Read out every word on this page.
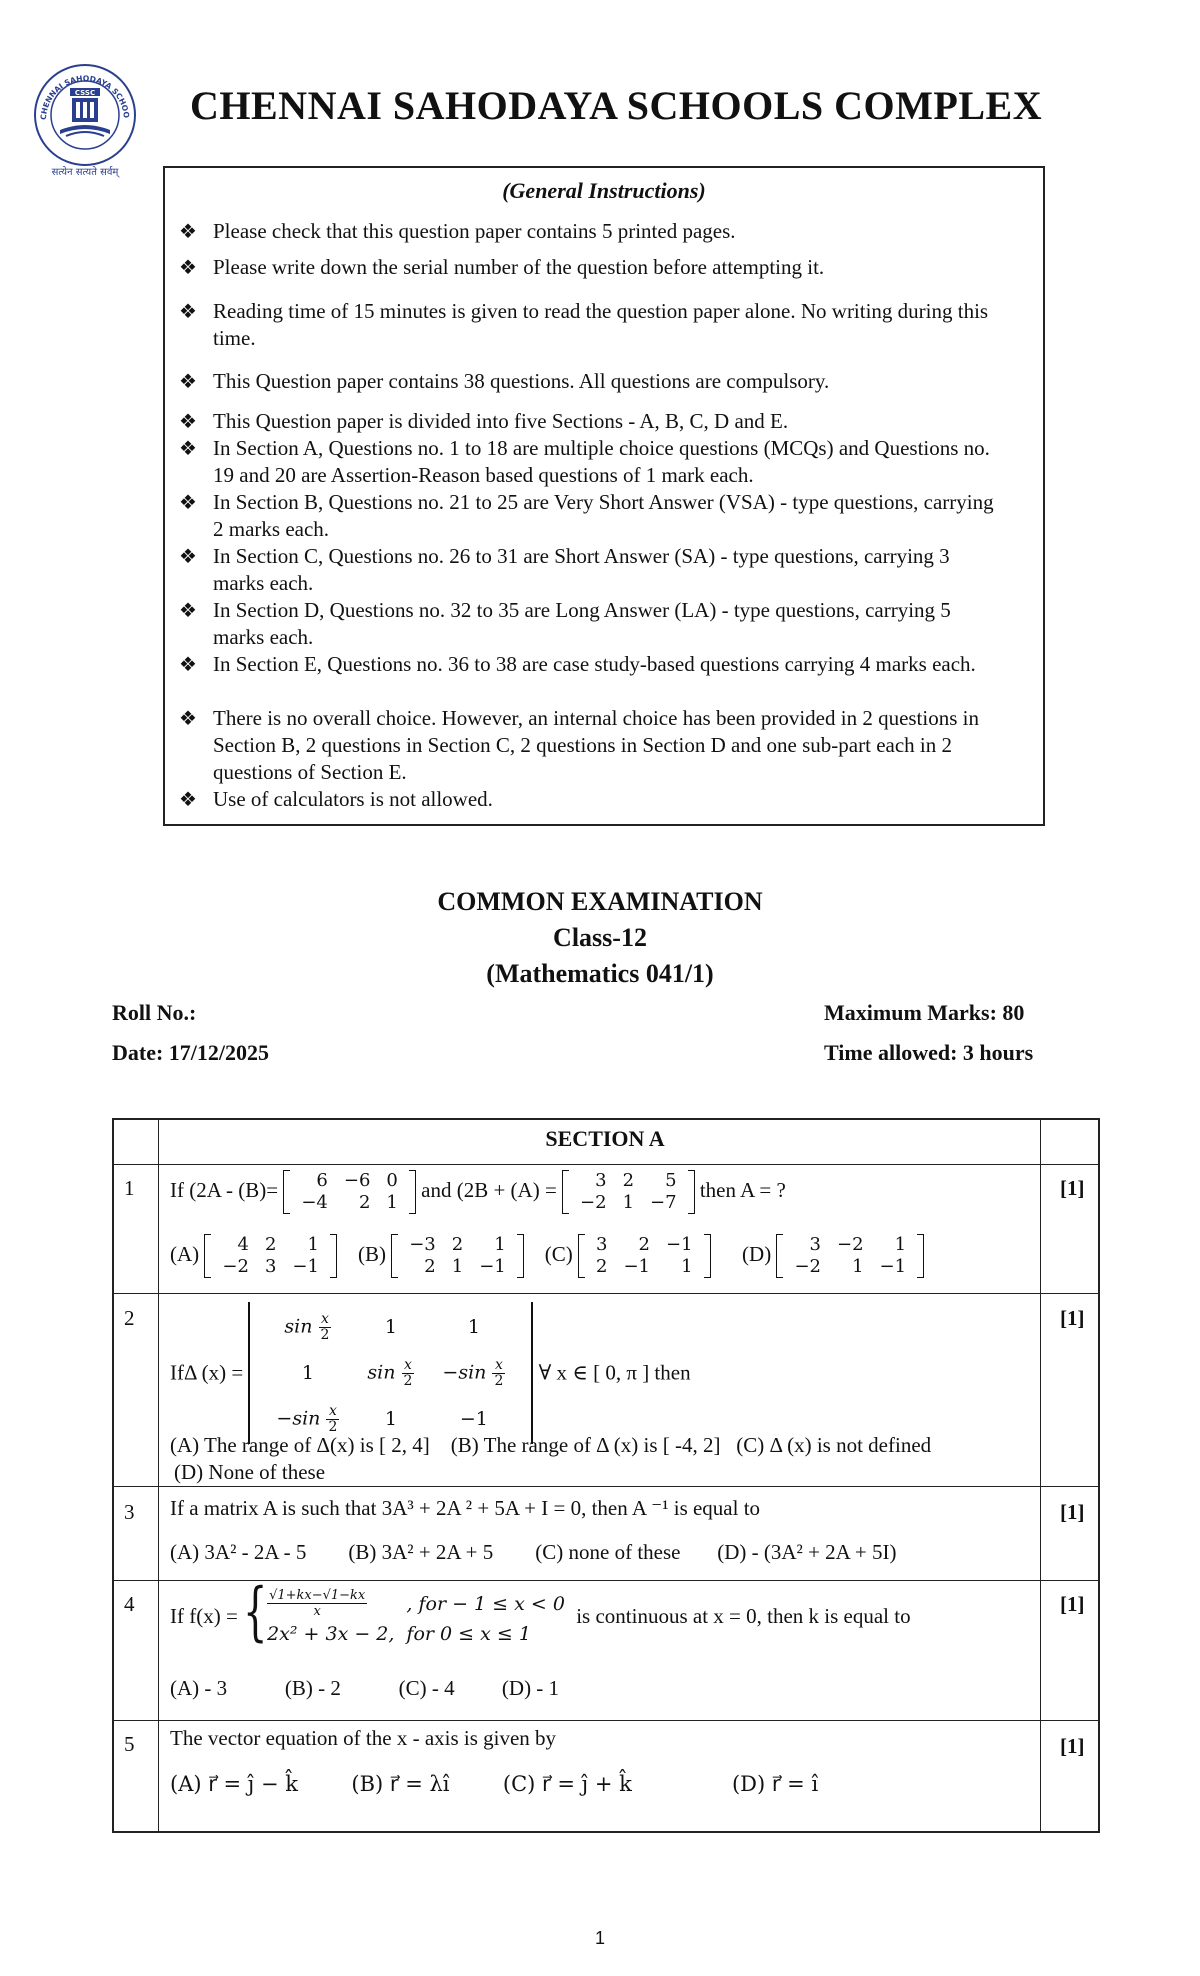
CHENNAI SAHODAYA SCHOO
CSSC
सत्येन सत्यते सर्वम्
CHENNAI SAHODAYA SCHOOLS COMPLEX
(General Instructions)
❖ Please check that this question paper contains 5 printed pages.
❖ Please write down the serial number of the question before attempting it.
❖ Reading time of 15 minutes is given to read the question paper alone. No writing during this time.
❖ This Question paper contains 38 questions. All questions are compulsory.
❖ This Question paper is divided into five Sections - A, B, C, D and E.
❖ In Section A, Questions no. 1 to 18 are multiple choice questions (MCQs) and Questions no. 19 and 20 are Assertion-Reason based questions of 1 mark each.
❖ In Section B, Questions no. 21 to 25 are Very Short Answer (VSA) - type questions, carrying 2 marks each.
❖ In Section C, Questions no. 26 to 31 are Short Answer (SA) - type questions, carrying 3 marks each.
❖ In Section D, Questions no. 32 to 35 are Long Answer (LA) - type questions, carrying 5 marks each.
❖ In Section E, Questions no. 36 to 38 are case study-based questions carrying 4 marks each.
❖ There is no overall choice. However, an internal choice has been provided in 2 questions in Section B, 2 questions in Section C, 2 questions in Section D and one sub-part each in 2 questions of Section E.
❖ Use of calculators is not allowed.
COMMON EXAMINATION
Class-12
(Mathematics 041/1)
Roll No.:	Maximum Marks: 80
Date: 17/12/2025	Time allowed: 3 hours
SECTION A
1	[1]
If (2A - (B)= 6	−6	0
−4	2	1
and (2B + (A) = 3	2	5
−2	1	−7
then A = ?
(A) 4	2	1
−2	3	−1
(B) −3	2	1
2	1	−1
(C) 3	2	−1
2	−1	1
(D) 3	−2	1
−2	1	−1
2	[1]
IfΔ (x) =
$\sin \frac{x}{2}$	1	1
1	$\sin \frac{x}{2}$	$-\sin \frac{x}{2}$

$-\sin \frac{x}{2}$	1	−1
∀ x ∈ [ 0, π ] then
(A) The range of Δ(x) is [ 2, 4] (B) The range of Δ (x) is [ -4, 2] (C) Δ (x) is not defined
(D) None of these
3	[1]
If a matrix A is such that 3A³ + 2A ² + 5A + I = 0, then A ⁻¹ is equal to
(A) 3A² - 2A - 5 (B) 3A² + 2A + 5 (C) none of these (D) - (3A² + 2A + 5I)
4	[1]
If f(x) = { $\frac{√1+kx-√1-kx}{x}$	, for − 1 ≤ x < 0
2x² + 3x − 2,	for 0 ≤ x ≤ 1
is continuous at x = 0, then k is equal to
(A) - 3	(B) - 2	(C) - 4 (D) - 1
5	[1]
The vector equation of the x - axis is given by
(A) r⃗ = ĵ − k̂	(B) r⃗ = λî	(C) r⃗ = ĵ + k̂	(D) r⃗ = î
1
